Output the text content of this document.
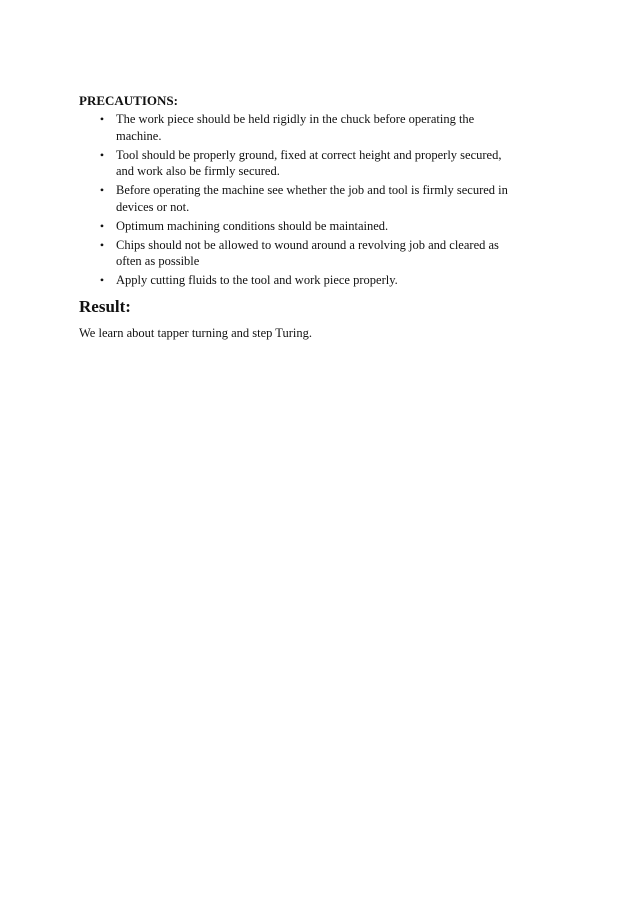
PRECAUTIONS:
• The work piece should be held rigidly in the chuck before operating the machine.
• Tool should be properly ground, fixed at correct height and properly secured, and work also be firmly secured.
• Before operating the machine see whether the job and tool is firmly secured in devices or not.
• Optimum machining conditions should be maintained.
• Chips should not be allowed to wound around a revolving job and cleared as often as possible
• Apply cutting fluids to the tool and work piece properly.
Result:

We learn about tapper turning and step Turing.
